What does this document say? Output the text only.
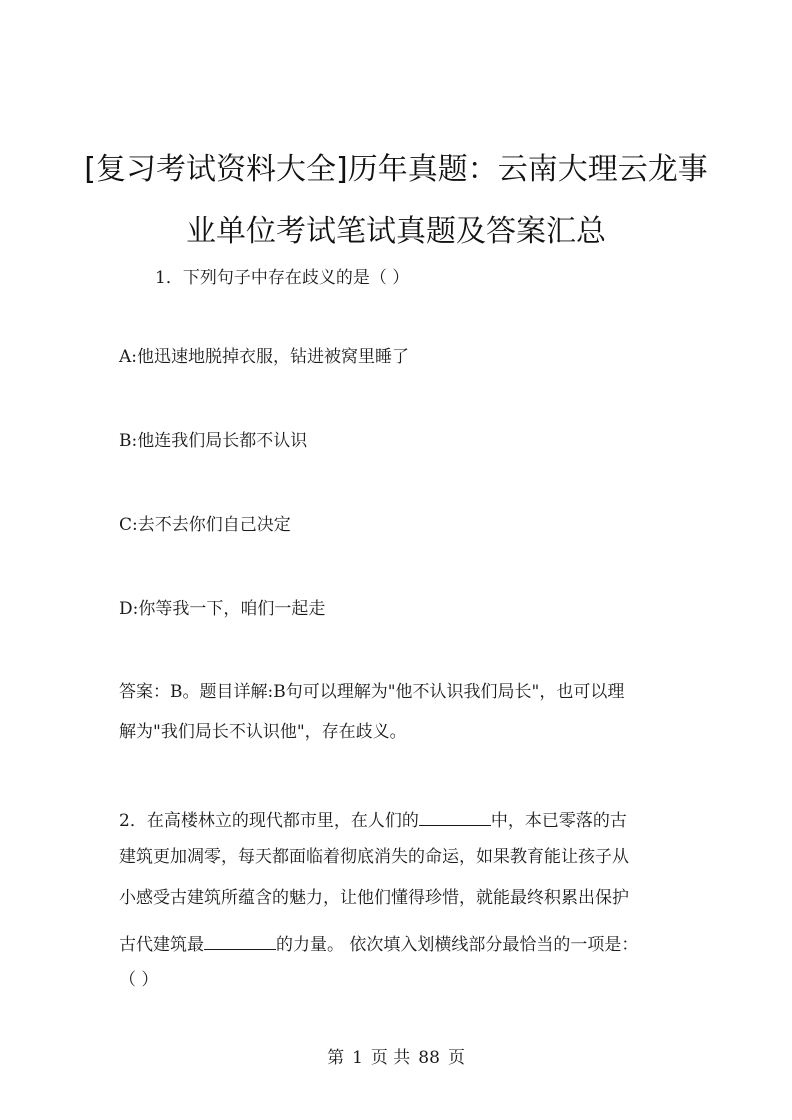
[复习考试资料大全]历年真题：云南大理云龙事
业单位考试笔试真题及答案汇总
1．下列句子中存在歧义的是（ ）
A:他迅速地脱掉衣服，钻进被窝里睡了
B:他连我们局长都不认识
C:去不去你们自己决定
D:你等我一下，咱们一起走
答案：B。题目详解:B句可以理解为"他不认识我们局长"，也可以理
解为"我们局长不认识他"，存在歧义。
2．在高楼林立的现代都市里，在人们的	中，本已零落的古
建筑更加凋零，每天都面临着彻底消失的命运，如果教育能让孩子从
小感受古建筑所蕴含的魅力，让他们懂得珍惜，就能最终积累出保护
古代建筑最	的力量。 依次填入划横线部分最恰当的一项是：
（ ）
第 1 页 共 88 页
